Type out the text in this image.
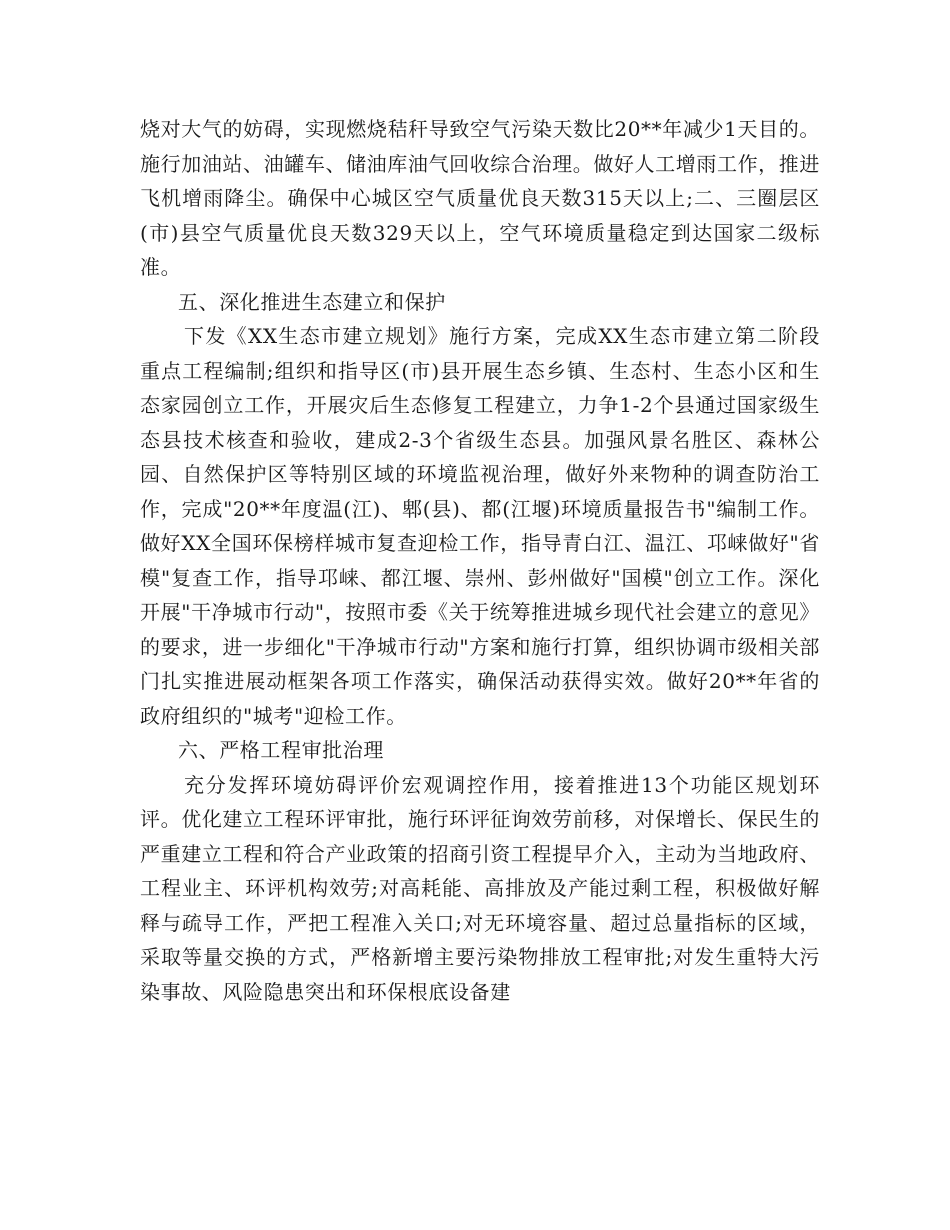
烧对大气的妨碍，实现燃烧秸秆导致空气污染天数比20**年减少1天目的。施行加油站、油罐车、储油库油气回收综合治理。做好人工增雨工作，推进飞机增雨降尘。确保中心城区空气质量优良天数315天以上;二、三圈层区(市)县空气质量优良天数329天以上，空气环境质量稳定到达国家二级标准。

五、深化推进生态建立和保护

下发《XX生态市建立规划》施行方案，完成XX生态市建立第二阶段重点工程编制;组织和指导区(市)县开展生态乡镇、生态村、生态小区和生态家园创立工作，开展灾后生态修复工程建立，力争1-2个县通过国家级生态县技术核查和验收，建成2-3个省级生态县。加强风景名胜区、森林公园、自然保护区等特别区域的环境监视治理，做好外来物种的调查防治工作，完成"20**年度温(江)、郫(县)、都(江堰)环境质量报告书"编制工作。做好XX全国环保榜样城市复查迎检工作，指导青白江、温江、邛崃做好"省模"复查工作，指导邛崃、都江堰、崇州、彭州做好"国模"创立工作。深化开展"干净城市行动"，按照市委《关于统筹推进城乡现代社会建立的意见》的要求，进一步细化"干净城市行动"方案和施行打算，组织协调市级相关部门扎实推进展动框架各项工作落实，确保活动获得实效。做好20**年省的政府组织的"城考"迎检工作。

六、严格工程审批治理

充分发挥环境妨碍评价宏观调控作用，接着推进13个功能区规划环评。优化建立工程环评审批，施行环评征询效劳前移，对保增长、保民生的严重建立工程和符合产业政策的招商引资工程提早介入，主动为当地政府、工程业主、环评机构效劳;对高耗能、高排放及产能过剩工程，积极做好解释与疏导工作，严把工程准入关口;对无环境容量、超过总量指标的区域，采取等量交换的方式，严格新增主要污染物排放工程审批;对发生重特大污染事故、风险隐患突出和环保根底设备建
